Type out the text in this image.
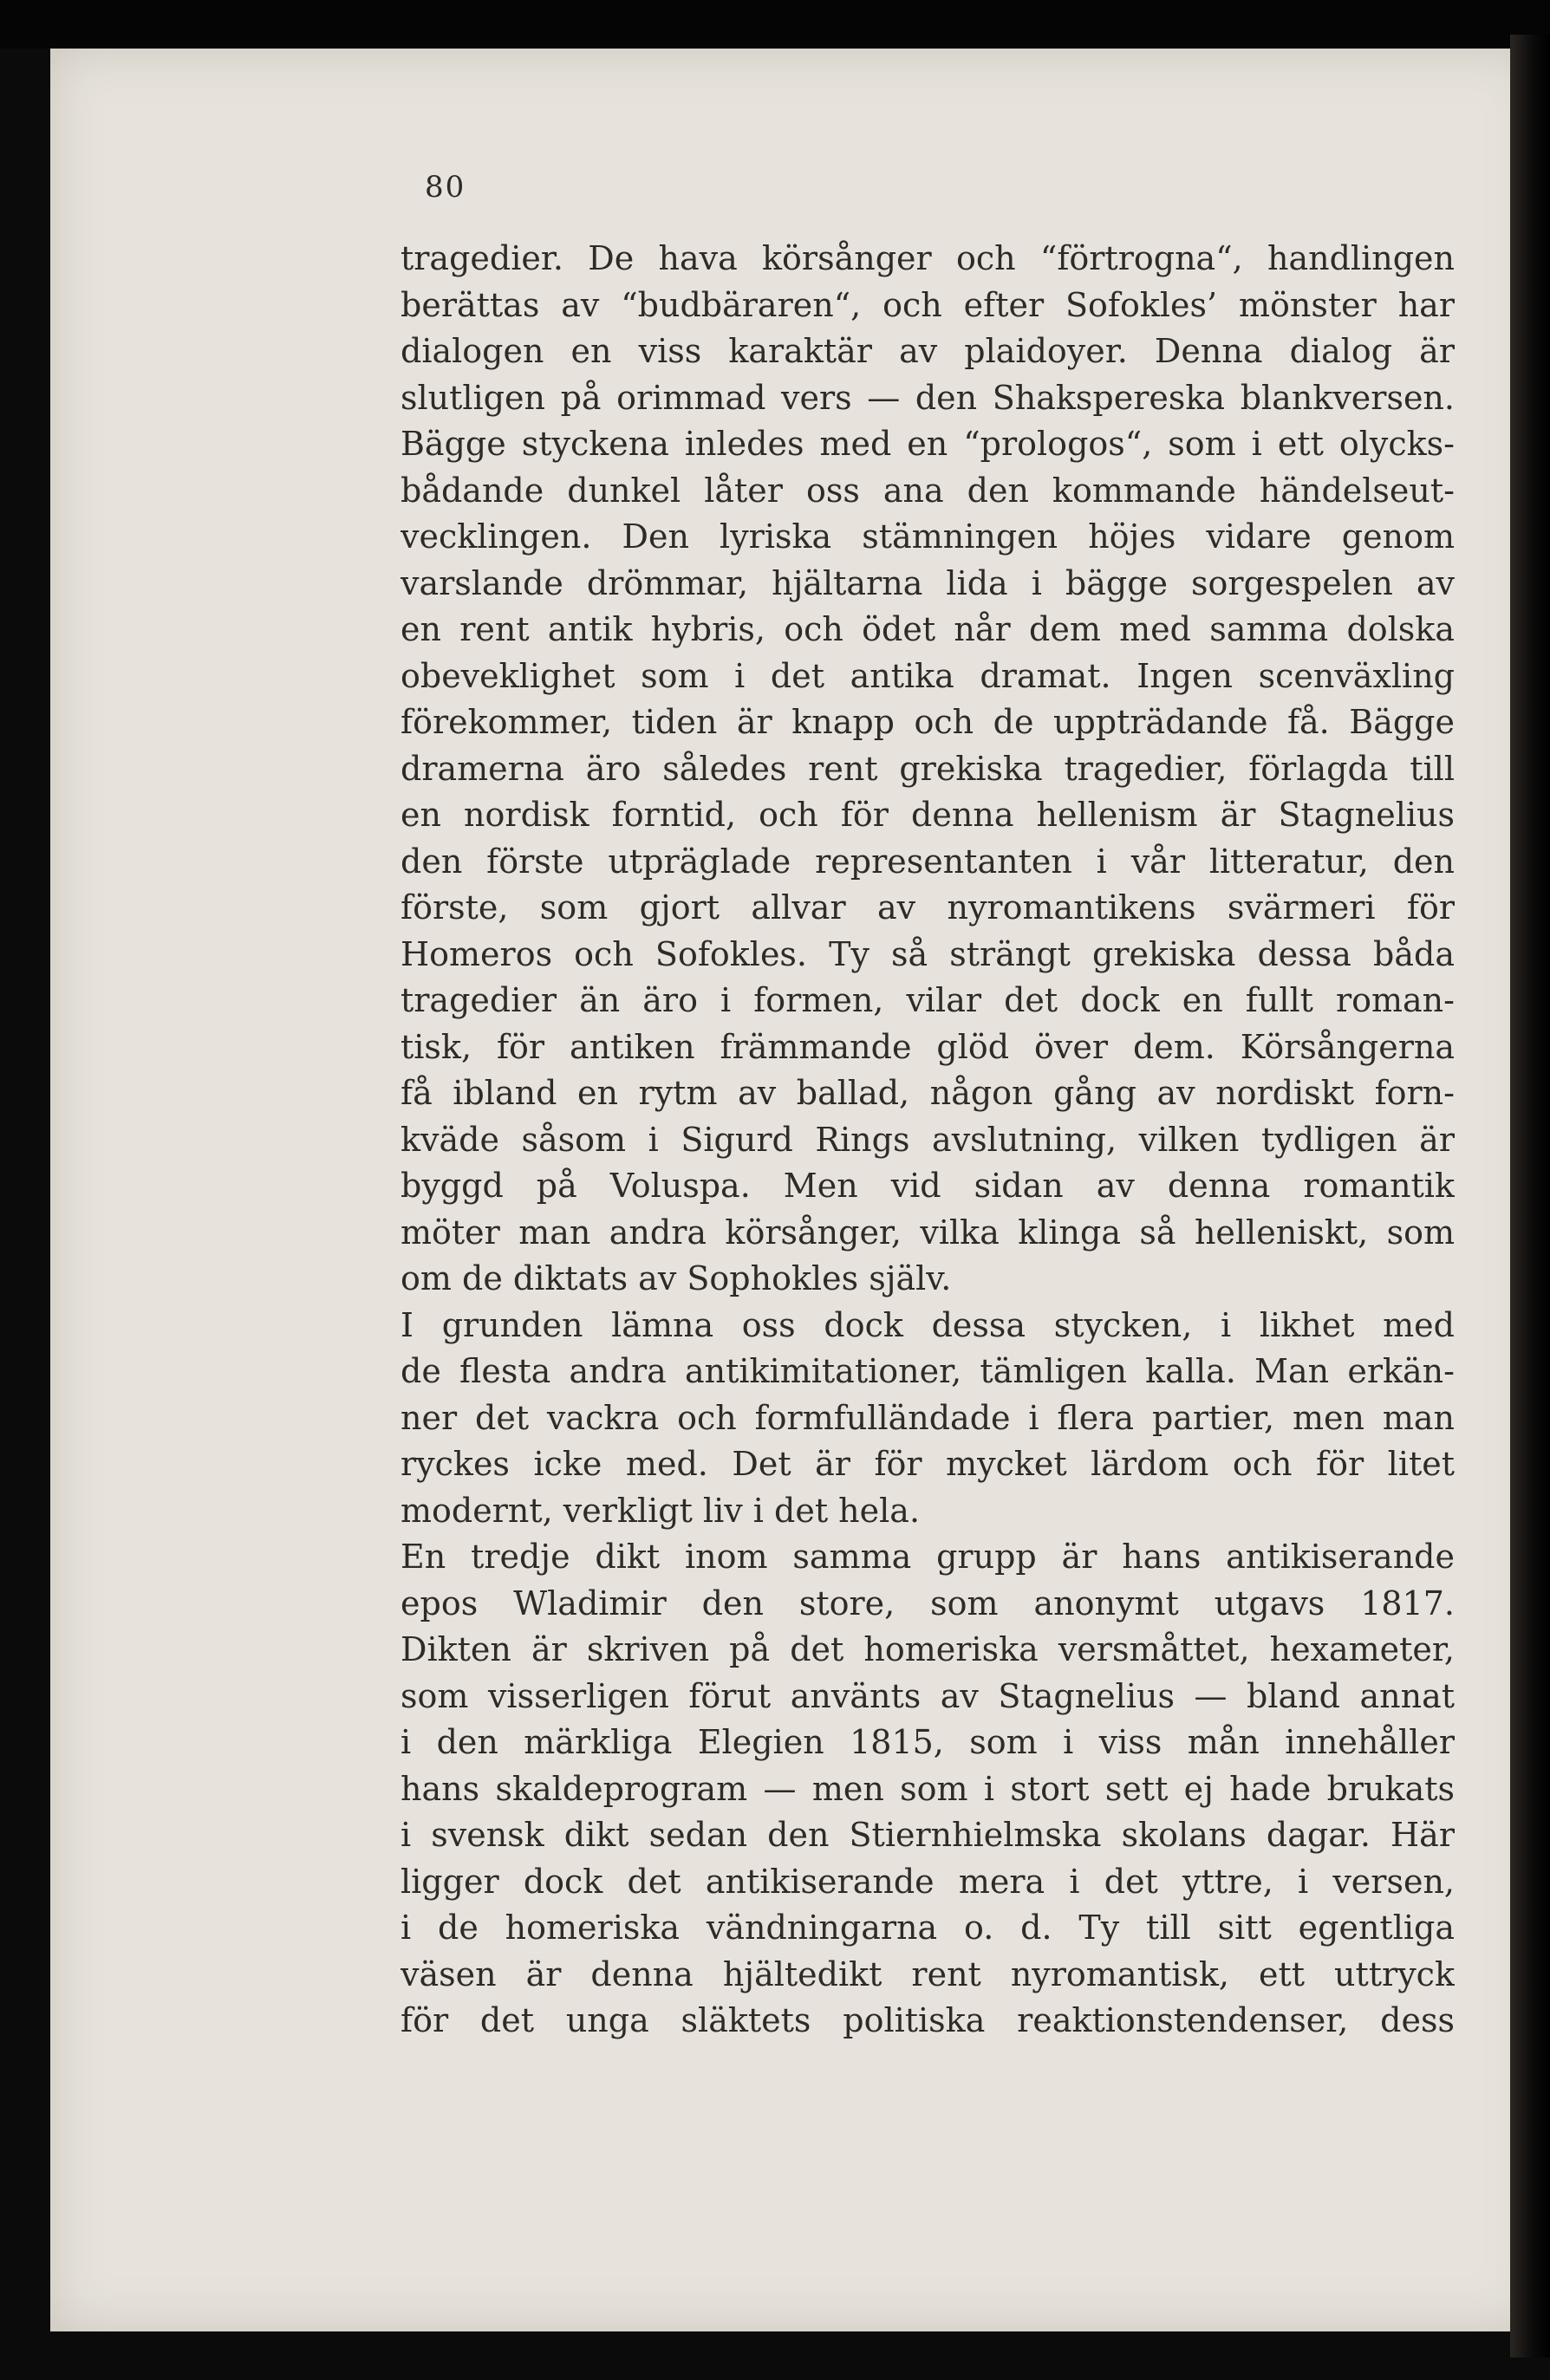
80
tragedier. De hava körsånger och “förtrogna“, handlingen
berättas av “budbäraren“, och efter Sofokles’ mönster har
dialogen en viss karaktär av plaidoyer. Denna dialog är
slutligen på orimmad vers — den Shakspereska blankversen.
Bägge styckena inledes med en “prologos“, som i ett olycks-
bådande dunkel låter oss ana den kommande händelseut-
vecklingen. Den lyriska stämningen höjes vidare genom
varslande drömmar, hjältarna lida i bägge sorgespelen av
en rent antik hybris, och ödet når dem med samma dolska
obeveklighet som i det antika dramat. Ingen scenväxling
förekommer, tiden är knapp och de uppträdande få. Bägge
dramerna äro således rent grekiska tragedier, förlagda till
en nordisk forntid, och för denna hellenism är Stagnelius
den förste utpräglade representanten i vår litteratur, den
förste, som gjort allvar av nyromantikens svärmeri för
Homeros och Sofokles. Ty så strängt grekiska dessa båda
tragedier än äro i formen, vilar det dock en fullt roman-
tisk, för antiken främmande glöd över dem. Körsångerna
få ibland en rytm av ballad, någon gång av nordiskt forn-
kväde såsom i Sigurd Rings avslutning, vilken tydligen är
byggd på Voluspa. Men vid sidan av denna romantik
möter man andra körsånger, vilka klinga så helleniskt, som
om de diktats av Sophokles själv.
I grunden lämna oss dock dessa stycken, i likhet med
de flesta andra antikimitationer, tämligen kalla. Man erkän-
ner det vackra och formfulländade i flera partier, men man
ryckes icke med. Det är för mycket lärdom och för litet
modernt, verkligt liv i det hela.
En tredje dikt inom samma grupp är hans antikiserande
epos Wladimir den store, som anonymt utgavs 1817.
Dikten är skriven på det homeriska versmåttet, hexameter,
som visserligen förut använts av Stagnelius — bland annat
i den märkliga Elegien 1815, som i viss mån innehåller
hans skaldeprogram — men som i stort sett ej hade brukats
i svensk dikt sedan den Stiernhielmska skolans dagar. Här
ligger dock det antikiserande mera i det yttre, i versen,
i de homeriska vändningarna o. d. Ty till sitt egentliga
väsen är denna hjältedikt rent nyromantisk, ett uttryck
för det unga släktets politiska reaktionstendenser, dess
